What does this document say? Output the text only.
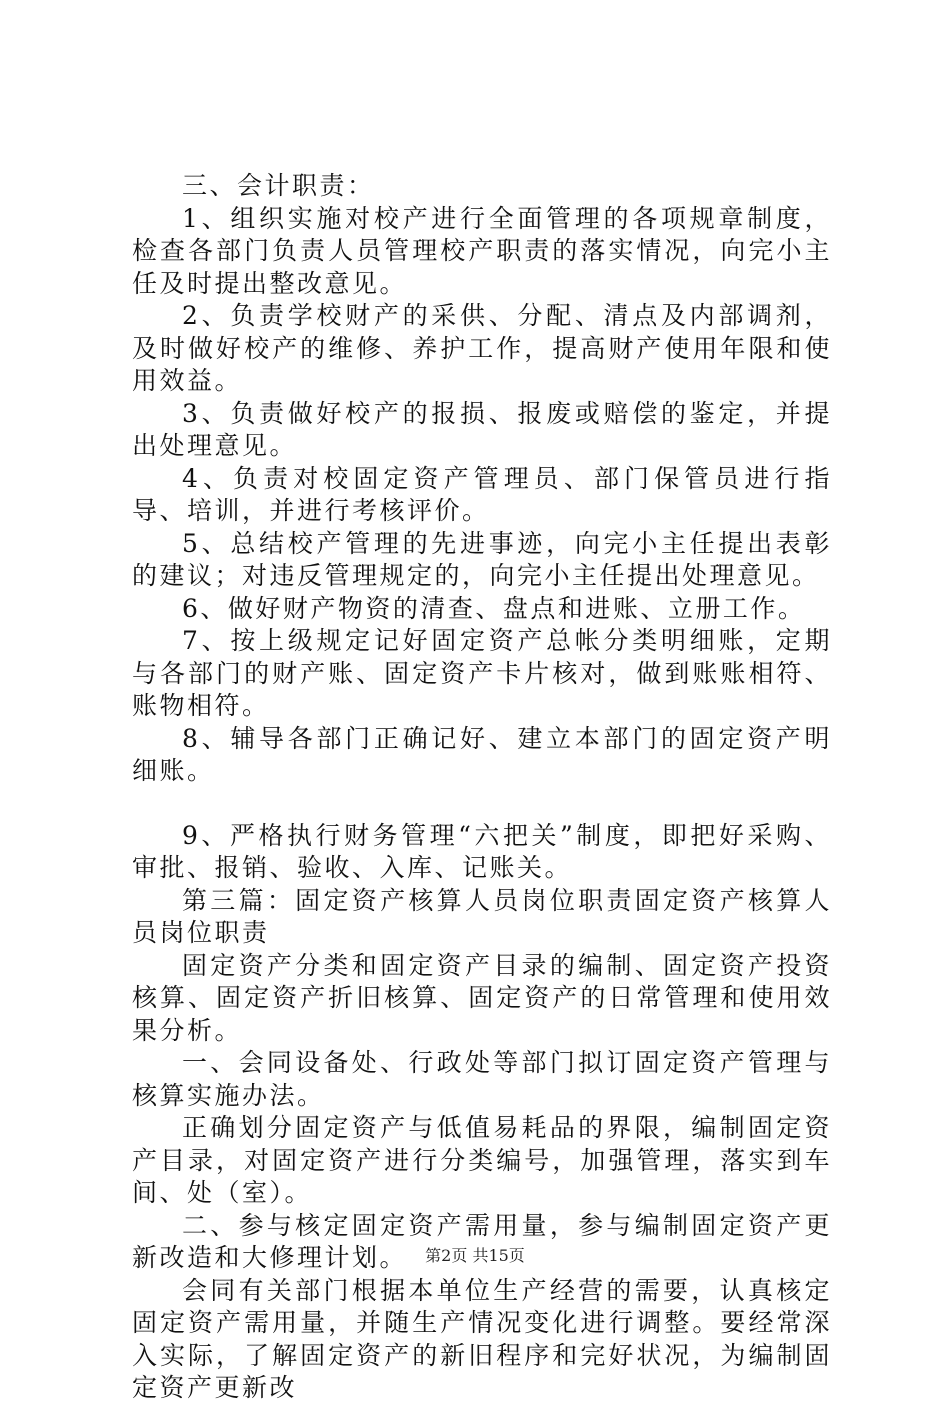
三、会计职责：

1、组织实施对校产进行全面管理的各项规章制度，检查各部门负责人员管理校产职责的落实情况，向完小主任及时提出整改意见。

2、负责学校财产的采供、分配、清点及内部调剂，及时做好校产的维修、养护工作，提高财产使用年限和使用效益。

3、负责做好校产的报损、报废或赔偿的鉴定，并提出处理意见。

4、负责对校固定资产管理员、部门保管员进行指导、培训，并进行考核评价。

5、总结校产管理的先进事迹，向完小主任提出表彰的建议；对违反管理规定的，向完小主任提出处理意见。

6、做好财产物资的清查、盘点和进账、立册工作。

7、按上级规定记好固定资产总帐分类明细账，定期与各部门的财产账、固定资产卡片核对，做到账账相符、账物相符。

8、辅导各部门正确记好、建立本部门的固定资产明细账。

9、严格执行财务管理“六把关”制度，即把好采购、审批、报销、验收、入库、记账关。

第三篇：固定资产核算人员岗位职责固定资产核算人员岗位职责

固定资产分类和固定资产目录的编制、固定资产投资核算、固定资产折旧核算、固定资产的日常管理和使用效果分析。

一、会同设备处、行政处等部门拟订固定资产管理与核算实施办法。

正确划分固定资产与低值易耗品的界限，编制固定资产目录，对固定资产进行分类编号，加强管理，落实到车间、处（室）。

二、参与核定固定资产需用量，参与编制固定资产更新改造和大修理计划。

会同有关部门根据本单位生产经营的需要，认真核定固定资产需用量，并随生产情况变化进行调整。要经常深入实际，了解固定资产的新旧程序和完好状况，为编制固定资产更新改

第2页 共15页
